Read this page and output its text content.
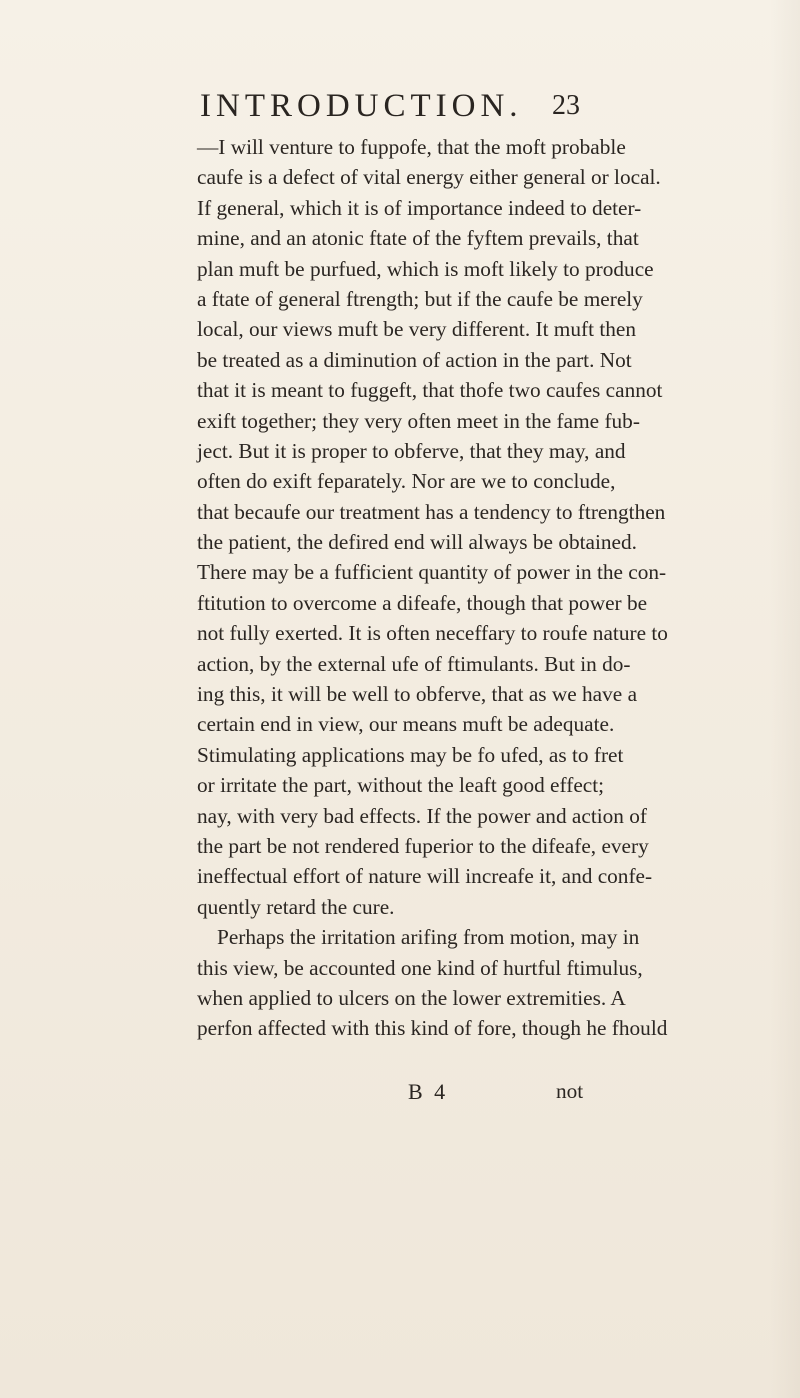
INTRODUCTION. 23
—I will venture to fuppofe, that the moft probable
caufe is a defect of vital energy either general or local.
If general, which it is of importance indeed to deter-
mine, and an atonic ftate of the fyftem prevails, that
plan muft be purfued, which is moft likely to produce
a ftate of general ftrength; but if the caufe be merely
local, our views muft be very different. It muft then
be treated as a diminution of action in the part. Not
that it is meant to fuggeft, that thofe two caufes cannot
exift together; they very often meet in the fame fub-
ject. But it is proper to obferve, that they may, and
often do exift feparately. Nor are we to conclude,
that becaufe our treatment has a tendency to ftrengthen
the patient, the defired end will always be obtained.
There may be a fufficient quantity of power in the con-
ftitution to overcome a difeafe, though that power be
not fully exerted. It is often neceffary to roufe nature to
action, by the external ufe of ftimulants. But in do-
ing this, it will be well to obferve, that as we have a
certain end in view, our means muft be adequate.
Stimulating applications may be fo ufed, as to fret
or irritate the part, without the leaft good effect;
nay, with very bad effects. If the power and action of
the part be not rendered fuperior to the difeafe, every
ineffectual effort of nature will increafe it, and confe-
quently retard the cure.
Perhaps the irritation arifing from motion, may in
this view, be accounted one kind of hurtful ftimulus,
when applied to ulcers on the lower extremities. A
perfon affected with this kind of fore, though he fhould
B 4	not
